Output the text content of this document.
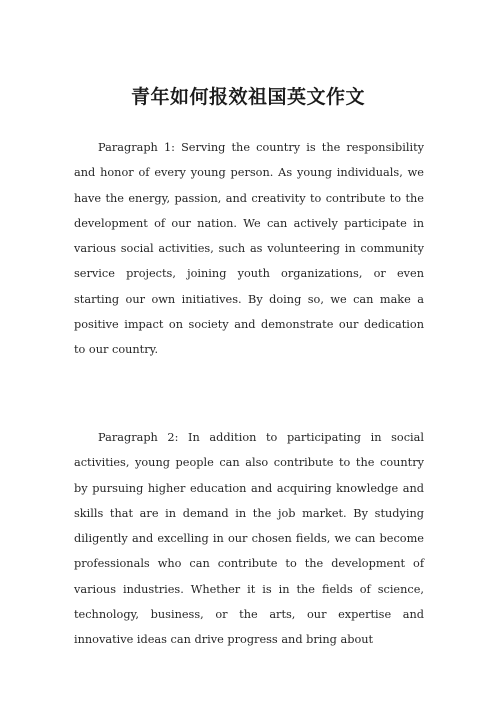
青年如何报效祖国英文作文

Paragraph 1: Serving the country is the responsibility and honor of every young person. As young individuals, we have the energy, passion, and creativity to contribute to the development of our nation. We can actively participate in various social activities, such as volunteering in community service projects, joining youth organizations, or even starting our own initiatives. By doing so, we can make a positive impact on society and demonstrate our dedication to our country.

Paragraph 2: In addition to participating in social activities, young people can also contribute to the country by pursuing higher education and acquiring knowledge and skills that are in demand in the job market. By studying diligently and excelling in our chosen fields, we can become professionals who can contribute to the development of various industries. Whether it is in the fields of science, technology, business, or the arts, our expertise and innovative ideas can drive progress and bring about
